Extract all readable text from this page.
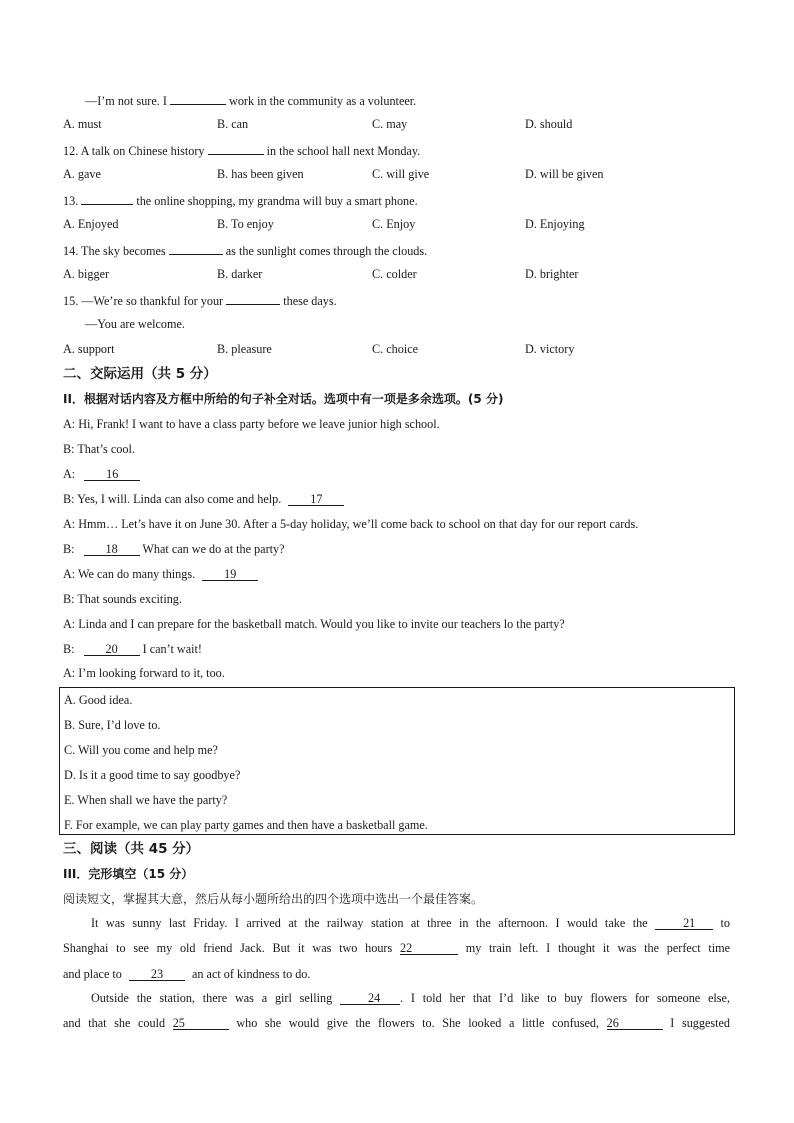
—I’m not sure. I	work in the community as a volunteer.
A. must	B. can	C. may	D. should
12. A talk on Chinese history	in the school hall next Monday.
A. gave	B. has been given	C. will give	D. will be given
13.	the online shopping, my grandma will buy a smart phone.
A. Enjoyed	B. To enjoy	C. Enjoy	D. Enjoying
14. The sky becomes	as the sunlight comes through the clouds.
A. bigger	B. darker	C. colder	D. brighter
15. —We’re so thankful for your	these days.
—You are welcome.
A. support	B. pleasure	C. choice	D. victory
二、交际运用（共 5 分）
II．根据对话内容及方框中所给的句子补全对话。选项中有一项是多余选项。(5 分)
A: Hi, Frank! I want to have a class party before we leave junior high school.
B: That’s cool.
A:	16
B: Yes, I will. Linda can also come and help. 17
A: Hmm… Let’s have it on June 30. After a 5-day holiday, we’ll come back to school on that day for our report cards.
B:	18 What can we do at the party?
A: We can do many things. 19
B: That sounds exciting.
A: Linda and I can prepare for the basketball match. Would you like to invite our teachers lo the party?
B:	20 I can’t wait!
A: I’m looking forward to it, too.
A. Good idea.
B. Sure, I’d love to.
C. Will you come and help me?
D. Is it a good time to say goodbye?
E. When shall we have the party?
F. For example, we can play party games and then have a basketball game.
三、阅读（共 45 分）
III．完形填空（15 分）
阅读短文，掌握其大意，然后从每小题所给出的四个选项中选出一个最佳答案。
It was sunny last Friday. I arrived at the railway station at three in the afternoon. I would take the	21 to
Shanghai to see my old friend Jack. But it was two hours 22	my train left. I thought it was the perfect time
and place to 23 an act of kindness to do.
Outside the station, there was a girl selling	24 . I told her that I’d like to buy flowers for someone else,
and that she could 25	who she would give the flowers to. She looked a little confused, 26	I suggested
